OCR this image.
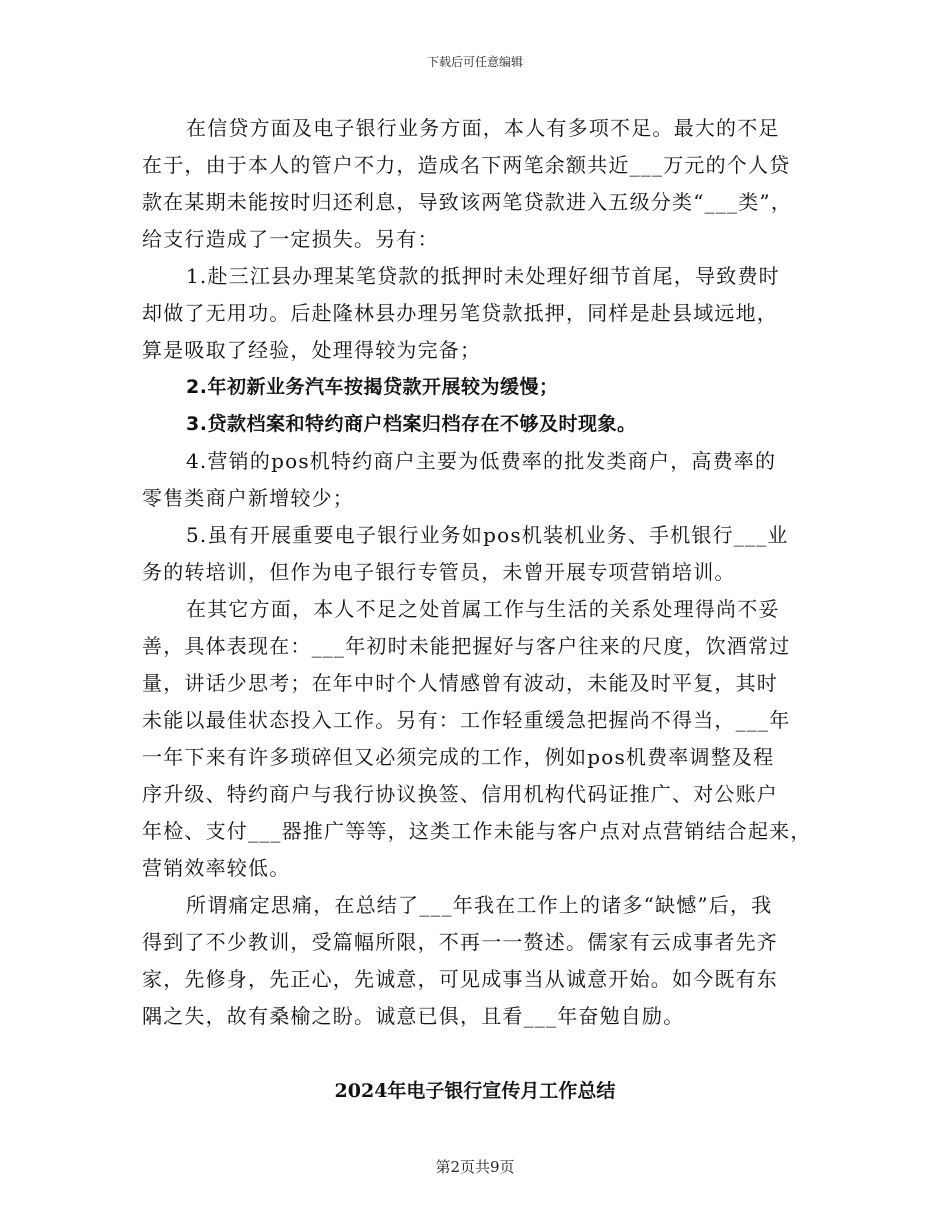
下载后可任意编辑
在信贷方面及电子银行业务方面，本人有多项不足。最大的不足
在于，由于本人的管户不力，造成名下两笔余额共近___万元的个人贷
款在某期未能按时归还利息，导致该两笔贷款进入五级分类“___类”，
给支行造成了一定损失。另有：
1.赴三江县办理某笔贷款的抵押时未处理好细节首尾，导致费时
却做了无用功。后赴隆林县办理另笔贷款抵押，同样是赴县域远地，
算是吸取了经验，处理得较为完备；
2.年初新业务汽车按揭贷款开展较为缓慢；
3.贷款档案和特约商户档案归档存在不够及时现象。
4.营销的pos机特约商户主要为低费率的批发类商户，高费率的
零售类商户新增较少；
5.虽有开展重要电子银行业务如pos机装机业务、手机银行___业
务的转培训，但作为电子银行专管员，未曾开展专项营销培训。
在其它方面，本人不足之处首属工作与生活的关系处理得尚不妥
善，具体表现在：___年初时未能把握好与客户往来的尺度，饮酒常过
量，讲话少思考；在年中时个人情感曾有波动，未能及时平复，其时
未能以最佳状态投入工作。另有：工作轻重缓急把握尚不得当，___年
一年下来有许多琐碎但又必须完成的工作，例如pos机费率调整及程
序升级、特约商户与我行协议换签、信用机构代码证推广、对公账户
年检、支付___器推广等等，这类工作未能与客户点对点营销结合起来，
营销效率较低。
所谓痛定思痛，在总结了___年我在工作上的诸多“缺憾”后，我
得到了不少教训，受篇幅所限，不再一一赘述。儒家有云成事者先齐
家，先修身，先正心，先诚意，可见成事当从诚意开始。如今既有东
隅之失，故有桑榆之盼。诚意已俱，且看___年奋勉自励。
2024年电子银行宣传月工作总结
第2页共9页
